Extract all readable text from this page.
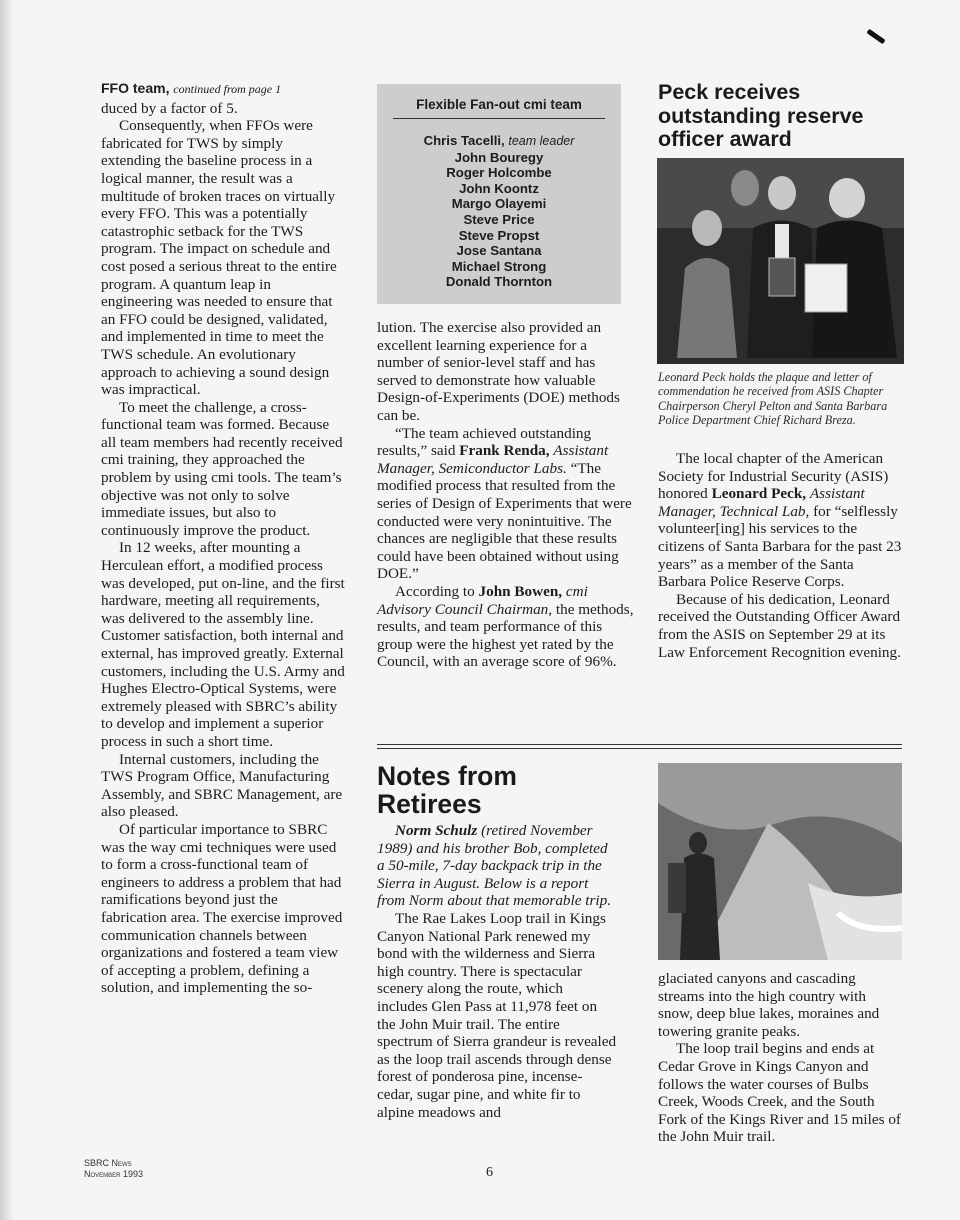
FFO team, continued from page 1

duced by a factor of 5.

Consequently, when FFOs were fabricated for TWS by simply extending the baseline process in a logical manner, the result was a multitude of broken traces on virtually every FFO. This was a potentially catastrophic setback for the TWS program. The impact on schedule and cost posed a serious threat to the entire program. A quantum leap in engineering was needed to ensure that an FFO could be designed, validated, and implemented in time to meet the TWS schedule. An evolutionary approach to achieving a sound design was impractical.

To meet the challenge, a cross-functional team was formed. Because all team members had recently received cmi training, they approached the problem by using cmi tools. The team’s objective was not only to solve immediate issues, but also to continuously improve the product.

In 12 weeks, after mounting a Herculean effort, a modified process was developed, put on-line, and the first hardware, meeting all requirements, was delivered to the assembly line. Customer satisfaction, both internal and external, has improved greatly. External customers, including the U.S. Army and Hughes Electro-Optical Systems, were extremely pleased with SBRC’s ability to develop and implement a superior process in such a short time.

Internal customers, including the TWS Program Office, Manufacturing Assembly, and SBRC Management, are also pleased.

Of particular importance to SBRC was the way cmi techniques were used to form a cross-functional team of engineers to address a problem that had ramifications beyond just the fabrication area. The exercise improved communication channels between organizations and fostered a team view of accepting a problem, defining a solution, and implementing the so-

Flexible Fan-out cmi team
Chris Tacelli, team leader
John Bouregy
Roger Holcombe
John Koontz
Margo Olayemi
Steve Price
Steve Propst
Jose Santana
Michael Strong
Donald Thornton

lution. The exercise also provided an excellent learning experience for a number of senior-level staff and has served to demonstrate how valuable Design-of-Experiments (DOE) methods can be.

“The team achieved outstanding results,” said Frank Renda, Assistant Manager, Semiconductor Labs. “The modified process that resulted from the series of Design of Experiments that were conducted were very nonintuitive. The chances are negligible that these results could have been obtained without using DOE.”

According to John Bowen, cmi Advisory Council Chairman, the methods, results, and team performance of this group were the highest yet rated by the Council, with an average score of 96%.

Peck receives outstanding reserve officer award
Leonard Peck holds the plaque and letter of commendation he received from ASIS Chapter Chairperson Cheryl Pelton and Santa Barbara Police Department Chief Richard Breza.

The local chapter of the American Society for Industrial Security (ASIS) honored Leonard Peck, Assistant Manager, Technical Lab, for “selflessly volunteer[ing] his services to the citizens of Santa Barbara for the past 23 years” as a member of the Santa Barbara Police Reserve Corps.

Because of his dedication, Leonard received the Outstanding Officer Award from the ASIS on September 29 at its Law Enforcement Recognition evening.

Notes from Retirees

Norm Schulz (retired November 1989) and his brother Bob, completed a 50-mile, 7-day backpack trip in the Sierra in August. Below is a report from Norm about that memorable trip.

The Rae Lakes Loop trail in Kings Canyon National Park renewed my bond with the wilderness and Sierra high country. There is spectacular scenery along the route, which includes Glen Pass at 11,978 feet on the John Muir trail. The entire spectrum of Sierra grandeur is revealed as the loop trail ascends through dense forest of ponderosa pine, incense-cedar, sugar pine, and white fir to alpine meadows and

glaciated canyons and cascading streams into the high country with snow, deep blue lakes, moraines and towering granite peaks.

The loop trail begins and ends at Cedar Grove in Kings Canyon and follows the water courses of Bulbs Creek, Woods Creek, and the South Fork of the Kings River and 15 miles of the John Muir trail.

SBRC News
November 1993	6
